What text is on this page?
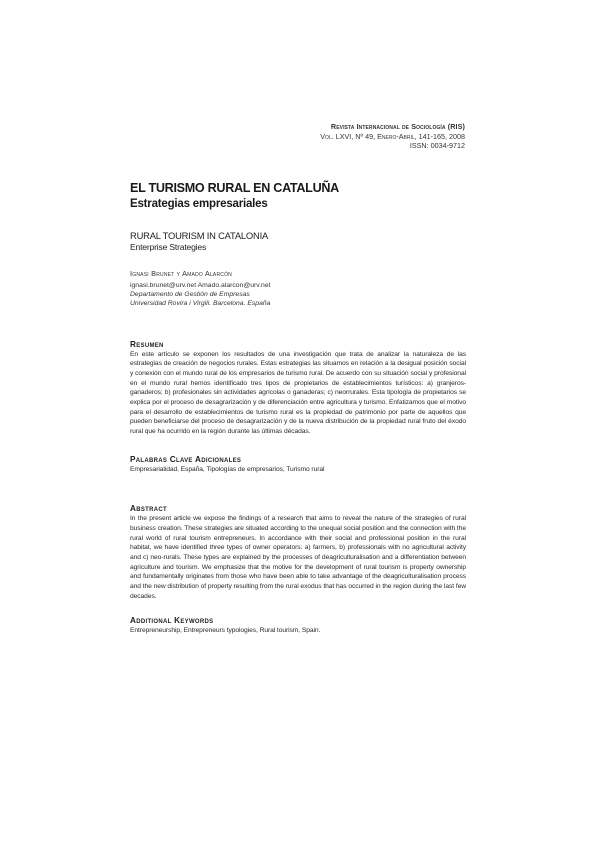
Revista Internacional de Sociología (RIS)
Vol. LXVI, Nº 49, Enero-Abril, 141-165, 2008
ISSN: 0034-9712
EL TURISMO RURAL EN CATALUÑA
Estrategias empresariales
RURAL TOURISM IN CATALONIA
Enterprise Strategies
Ignasi Brunet y Amado Alarcón
ignasi.brunet@urv.net Amado.alarcon@urv.net
Departamento de Gestión de Empresas
Universidad Rovira i Virgili. Barcelona. España
Resumen
En este artículo se exponen los resultados de una investigación que trata de analizar la naturaleza de las estrategias de creación de negocios rurales. Estas estrategias las situamos en relación a la desigual posición social y conexión con el mundo rural de los empresarios de turismo rural. De acuerdo con su situación social y profesional en el mundo rural hemos identificado tres tipos de propietarios de establecimientos turísticos: a) granjeros-ganaderos; b) profesionales sin actividades agrícolas o ganaderas; c) neorrurales. Esta tipología de propietarios se explica por el proceso de desagrarización y de diferenciación entre agricultura y turismo. Enfatizamos que el motivo para el desarrollo de establecimientos de turismo rural es la propiedad de patrimonio por parte de aquellos que pueden beneficiarse del proceso de desagrarización y de la nueva distribución de la propiedad rural fruto del éxodo rural que ha ocurrido en la región durante las últimas décadas.
Palabras Clave Adicionales
Empresarialidad, España, Tipologías de empresarios, Turismo rural
Abstract
In the present article we expose the findings of a research that aims to reveal the nature of the strategies of rural business creation. These strategies are situated according to the unequal social position and the connection with the rural world of rural tourism entrepreneurs. In accordance with their social and professional position in the rural habitat, we have identified three types of owner operators: a) farmers, b) professionals with no agricultural activity and c) neo-rurals. These types are explained by the processes of deagriculturalisation and a differentiation between agriculture and tourism. We emphasize that the motive for the development of rural tourism is property ownership and fundamentally originates from those who have been able to take advantage of the deagriculturalisation process and the new distribution of property resulting from the rural exodus that has occurred in the region during the last few decades.
Additional Keywords
Entrepreneurship, Entrepreneurs typologies, Rural tourism, Spain.
